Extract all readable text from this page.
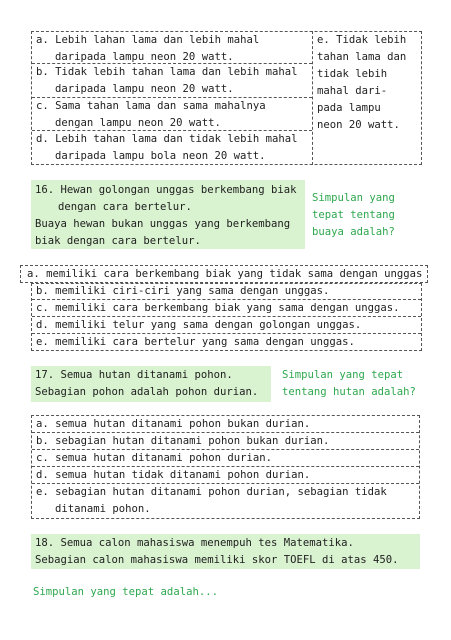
a. Lebih lahan lama dan lebih mahal
daripada lampu neon 20 watt.
b. Tidak lebih tahan lama dan lebih mahal
daripada lampu neon 20 watt.
c. Sama tahan lama dan sama mahalnya
dengan lampu neon 20 watt.
d. Lebih tahan lama dan tidak lebih mahal
daripada lampu bola neon 20 watt.
e. Tidak lebih
tahan lama dan
tidak lebih
mahal dari-
pada lampu
neon 20 watt.
16. Hewan golongan unggas berkembang biak
dengan cara bertelur.
Buaya hewan bukan unggas yang berkembang
biak dengan cara bertelur.
Simpulan yang
tepat tentang
buaya adalah?
a. memiliki cara berkembang biak yang tidak sama dengan unggas
b. memiliki ciri-ciri yang sama dengan unggas.
c. memiliki cara berkembang biak yang sama dengan unggas.
d. memiliki telur yang sama dengan golongan unggas.
e. memiliki cara bertelur yang sama dengan unggas.
17. Semua hutan ditanami pohon.
Sebagian pohon adalah pohon durian.
Simpulan yang tepat
tentang hutan adalah?
a. semua hutan ditanami pohon bukan durian.
b. sebagian hutan ditanami pohon bukan durian.
c. semua hutan ditanami pohon durian.
d. semua hutan tidak ditanami pohon durian.
e. sebagian hutan ditanami pohon durian, sebagian tidak
ditanami pohon.
18. Semua calon mahasiswa menempuh tes Matematika.
Sebagian calon mahasiswa memiliki skor TOEFL di atas 450.
Simpulan yang tepat adalah...
